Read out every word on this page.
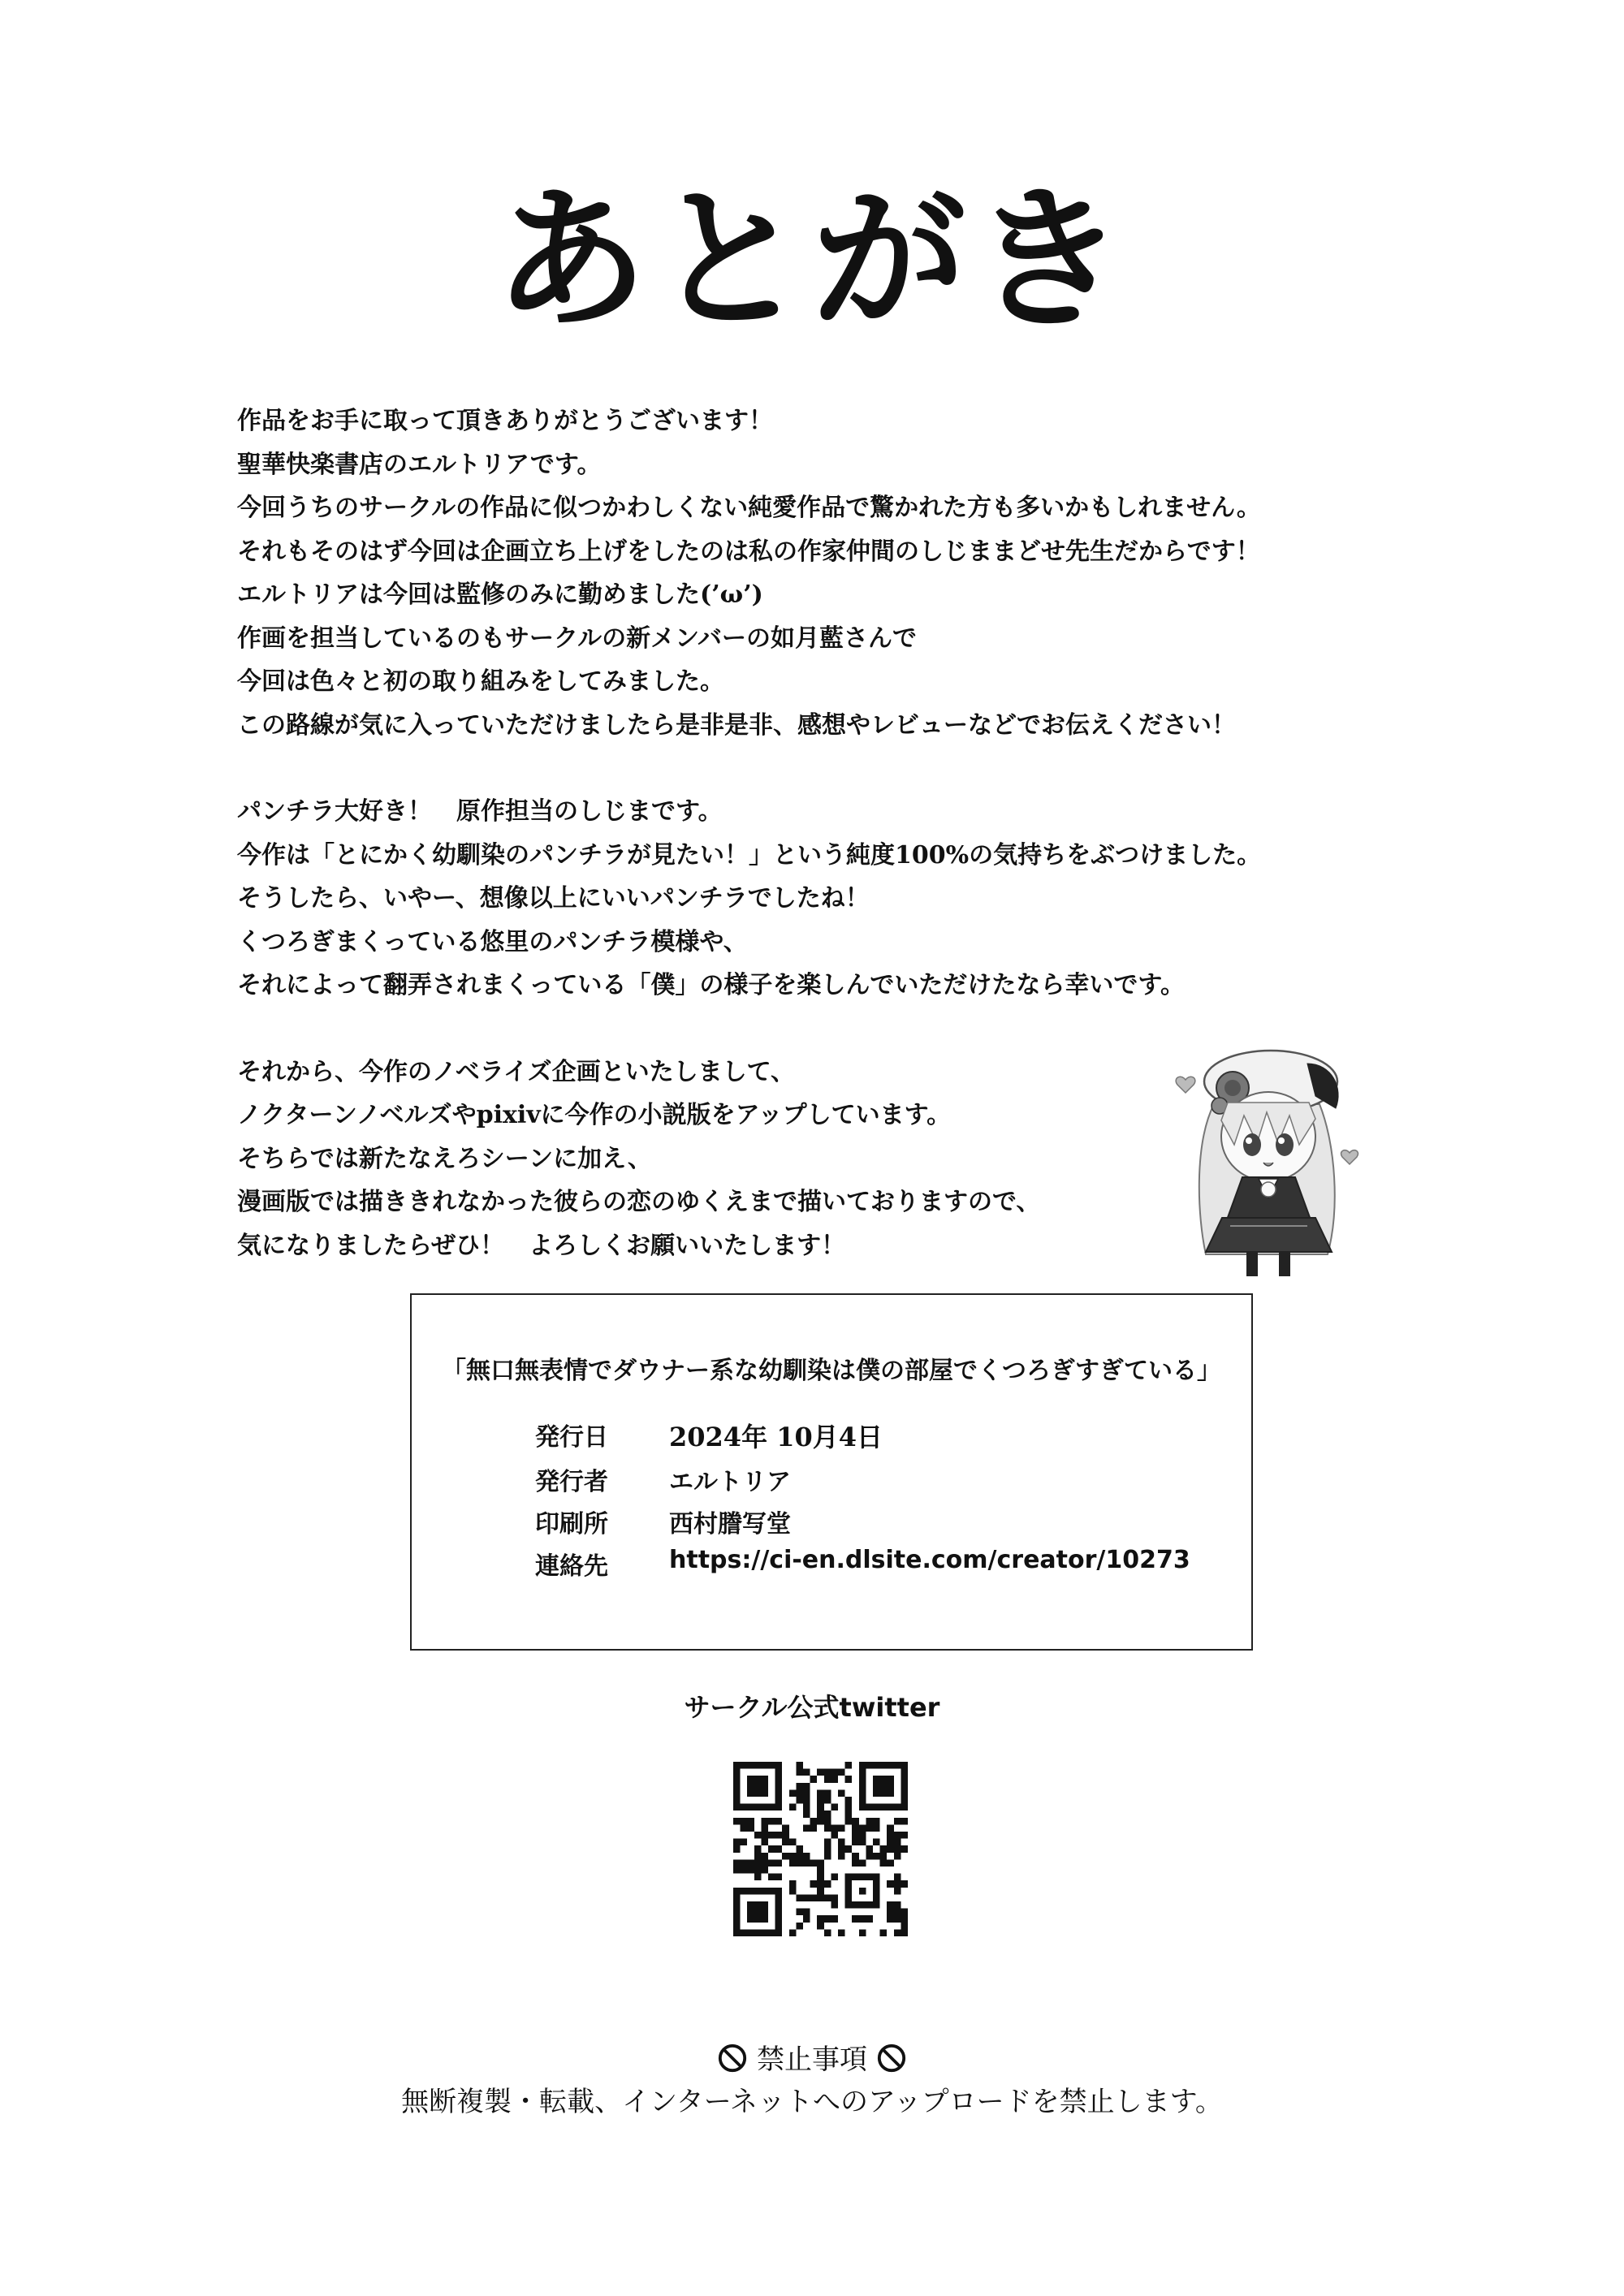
あとがき
作品をお手に取って頂きありがとうございます！
聖華快楽書店のエルトリアです。
今回うちのサークルの作品に似つかわしくない純愛作品で驚かれた方も多いかもしれません。
それもそのはず今回は企画立ち上げをしたのは私の作家仲間のしじままどせ先生だからです！
エルトリアは今回は監修のみに勤めました(’ω’)
作画を担当しているのもサークルの新メンバーの如月藍さんで
今回は色々と初の取り組みをしてみました。
この路線が気に入っていただけましたら是非是非、感想やレビューなどでお伝えください！
パンチラ大好き！　原作担当のしじまです。
今作は「とにかく幼馴染のパンチラが見たい！」という純度100%の気持ちをぶつけました。
そうしたら、いやー、想像以上にいいパンチラでしたね！
くつろぎまくっている悠里のパンチラ模様や、
それによって翻弄されまくっている「僕」の様子を楽しんでいただけたなら幸いです。
それから、今作のノベライズ企画といたしまして、
ノクターンノベルズやpixivに今作の小説版をアップしています。
そちらでは新たなえろシーンに加え、
漫画版では描ききれなかった彼らの恋のゆくえまで描いておりますので、
気になりましたらぜひ！　よろしくお願いいたします！
「無口無表情でダウナー系な幼馴染は僕の部屋でくつろぎすぎている」
発行日	2024年 10月4日
発行者	エルトリア
印刷所	西村謄写堂
連絡先	https://ci-en.dlsite.com/creator/10273
サークル公式twitter
禁止事項
無断複製・転載、インターネットへのアップロードを禁止します。
